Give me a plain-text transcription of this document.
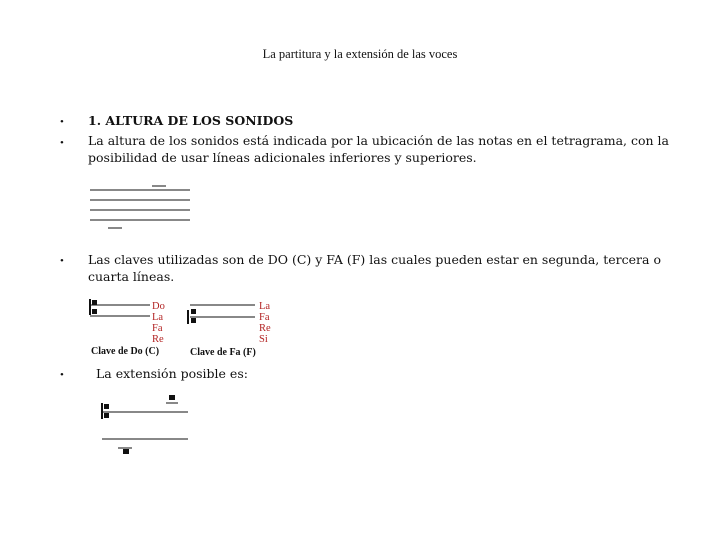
La partitura y la extensión de las voces
•
•
•
•
1. ALTURA DE LOS SONIDOS
La altura de los sonidos está indicada por la ubicación de las notas en el tetragrama, con la posibilidad de usar líneas adicionales inferiores y superiores.
Las claves utilizadas son de DO (C) y FA (F) las cuales pueden estar en segunda, tercera o cuarta líneas.
Do
La
Fa
Re
Clave de Do (C)
La
Fa
Re
Si
Clave de Fa (F)
La extensión posible es:
